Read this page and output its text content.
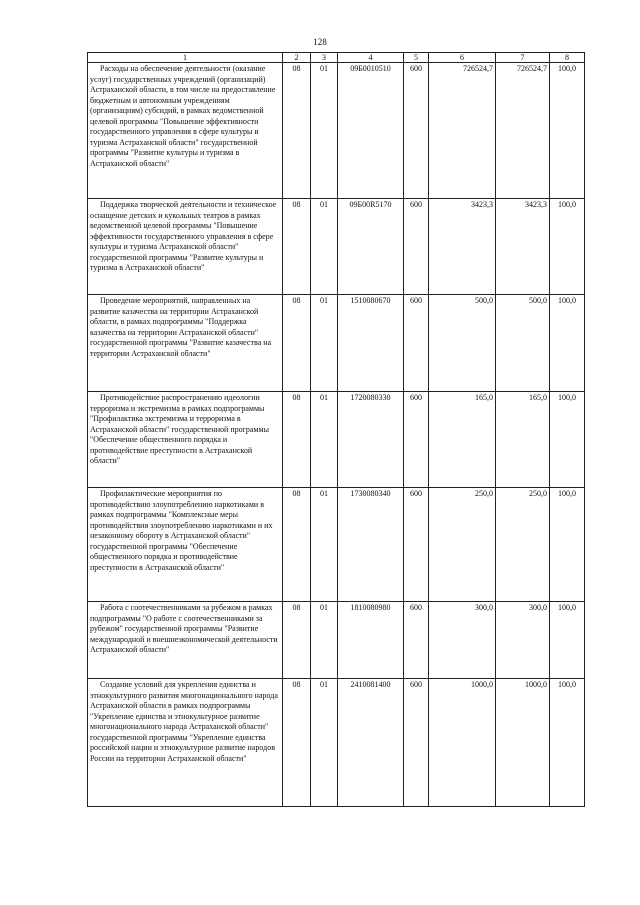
128
1	2	3	4	5	6	7	8
Расходы на обеспечение деятельности (оказание услуг) государственных учреждений (организаций) Астраханской области, в том числе на предоставление бюджетным и автономным учреждениям (организациям) субсидий, в рамках ведомственной целевой программы "Повышение эффективности государственного управления в сфере культуры и туризма Астраханской области" государственной программы "Развитие культуры и туризма в Астраханской области"	08	01	09Б0010510	600	726524,7	726524,7	100,0
Поддержка творческой деятельности и техническое оснащение детских и кукольных театров в рамках ведомственной целевой программы "Повышение эффективности государственного управления в сфере культуры и туризма Астраханской области" государственной программы "Развитие культуры и туризма в Астраханской области"	08	01	09Б00R5170	600	3423,3	3423,3	100,0
Проведение мероприятий, направленных на развитие казачества на территории Астраханской области, в рамках подпрограммы "Поддержка казачества на территории Астраханской области" государственной программы "Развитие казачества на территории Астраханской области"	08	01	1510080670	600	500,0	500,0	100,0
Противодействие распространению идеологии терроризма и экстремизма в рамках подпрограммы "Профилактика экстремизма и терроризма в Астраханской области" государственной программы "Обеспечение общественного порядка и противодействие преступности в Астраханской области"	08	01	1720080330	600	165,0	165,0	100,0
Профилактические мероприятия по противодействию злоупотреблению наркотиками в рамках подпрограммы "Комплексные меры противодействия злоупотреблению наркотиками и их незаконному обороту в Астраханской области" государственной программы "Обеспечение общественного порядка и противодействие преступности в Астраханской области"	08	01	1730080340	600	250,0	250,0	100,0
Работа с соотечественниками за рубежом в рамках подпрограммы "О работе с соотечественниками за рубежом" государственной программы "Развитие международной и внешнеэкономической деятельности Астраханской области"	08	01	1810080980	600	300,0	300,0	100,0
Создание условий для укрепления единства и этнокультурного развития многонационального народа Астраханской области в рамках подпрограммы "Укрепление единства и этнокультурное развитие многонационального народа Астраханской области" государственной программы "Укрепление единства российской нации и этнокультурное развитие народов России на территории Астраханской области"	08	01	2410081400	600	1000,0	1000,0	100,0
